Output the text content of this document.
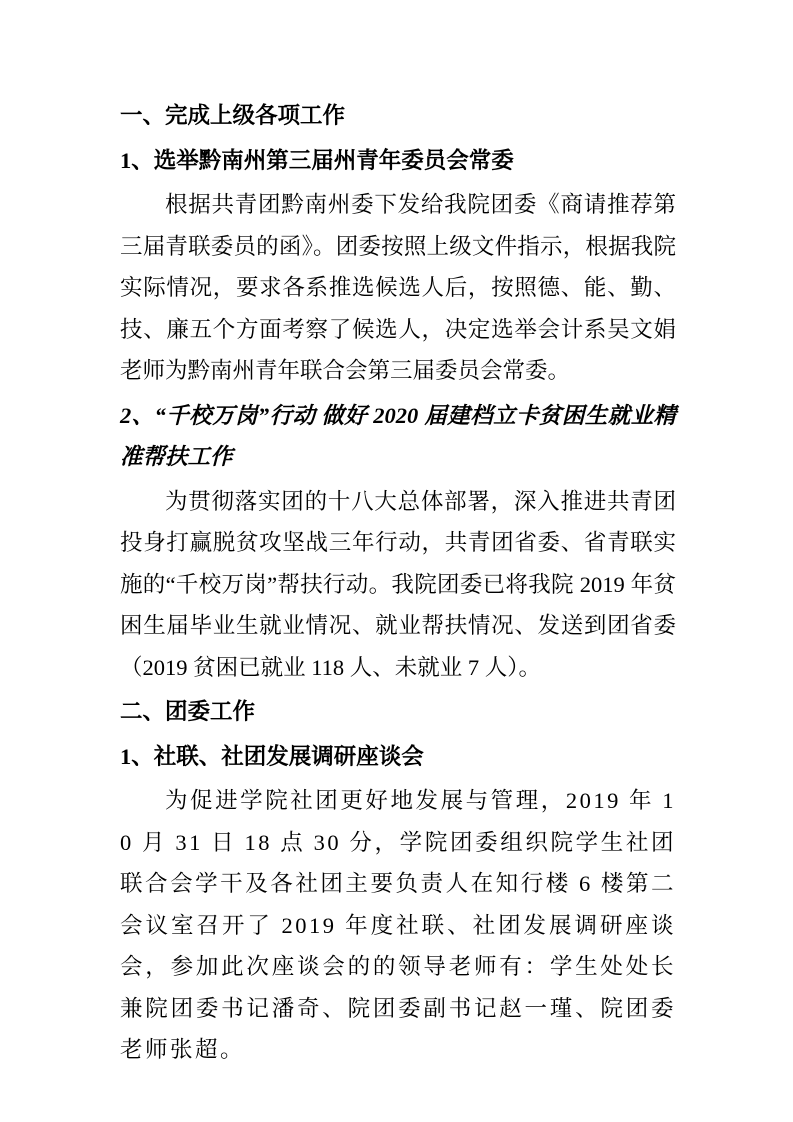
一、完成上级各项工作
1、选举黔南州第三届州青年委员会常委
根据共青团黔南州委下发给我院团委《商请推荐第三届青联委员的函》。团委按照上级文件指示，根据我院实际情况，要求各系推选候选人后，按照德、能、勤、技、廉五个方面考察了候选人，决定选举会计系吴文娟老师为黔南州青年联合会第三届委员会常委。
2、“千校万岗”行动 做好 2020 届建档立卡贫困生就业精准帮扶工作
为贯彻落实团的十八大总体部署，深入推进共青团投身打赢脱贫攻坚战三年行动，共青团省委、省青联实施的“千校万岗”帮扶行动。我院团委已将我院 2019 年贫困生届毕业生就业情况、就业帮扶情况、发送到团省委（2019 贫困已就业 118 人、未就业 7 人）。
二、团委工作
1、社联、社团发展调研座谈会
为促进学院社团更好地发展与管理，2019 年 10 月 31 日 18 点 30 分，学院团委组织院学生社团联合会学干及各社团主要负责人在知行楼 6 楼第二会议室召开了 2019 年度社联、社团发展调研座谈会，参加此次座谈会的的领导老师有：学生处处长兼院团委书记潘奇、院团委副书记赵一瑾、院团委老师张超。
